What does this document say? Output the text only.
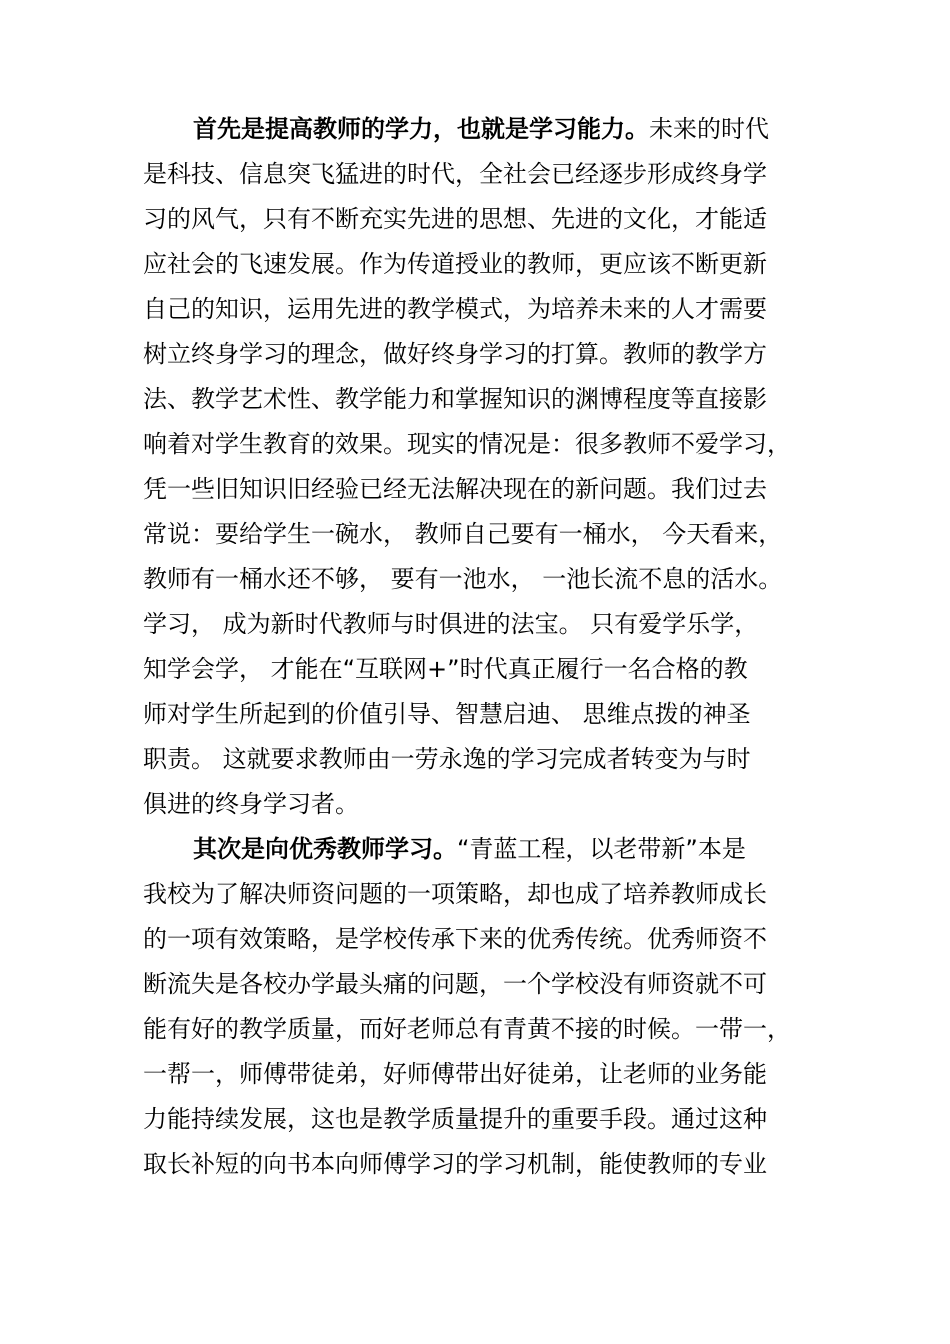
首先是提高教师的学力，也就是学习能力。未来的时代
是科技、信息突飞猛进的时代，全社会已经逐步形成终身学
习的风气，只有不断充实先进的思想、先进的文化，才能适
应社会的飞速发展。作为传道授业的教师，更应该不断更新
自己的知识，运用先进的教学模式，为培养未来的人才需要
树立终身学习的理念，做好终身学习的打算。教师的教学方
法、教学艺术性、教学能力和掌握知识的渊博程度等直接影
响着对学生教育的效果。现实的情况是：很多教师不爱学习，
凭一些旧知识旧经验已经无法解决现在的新问题。我们过去
常说：要给学生一碗水， 教师自己要有一桶水， 今天看来，
教师有一桶水还不够， 要有一池水， 一池长流不息的活水。
学习， 成为新时代教师与时俱进的法宝。 只有爱学乐学，
知学会学， 才能在“互联网+”时代真正履行一名合格的教
师对学生所起到的价值引导、智慧启迪、 思维点拨的神圣
职责。 这就要求教师由一劳永逸的学习完成者转变为与时
俱进的终身学习者。
其次是向优秀教师学习。“青蓝工程，以老带新”本是
我校为了解决师资问题的一项策略，却也成了培养教师成长
的一项有效策略，是学校传承下来的优秀传统。优秀师资不
断流失是各校办学最头痛的问题，一个学校没有师资就不可
能有好的教学质量，而好老师总有青黄不接的时候。一带一，
一帮一，师傅带徒弟，好师傅带出好徒弟，让老师的业务能
力能持续发展，这也是教学质量提升的重要手段。通过这种
取长补短的向书本向师傅学习的学习机制，能使教师的专业
